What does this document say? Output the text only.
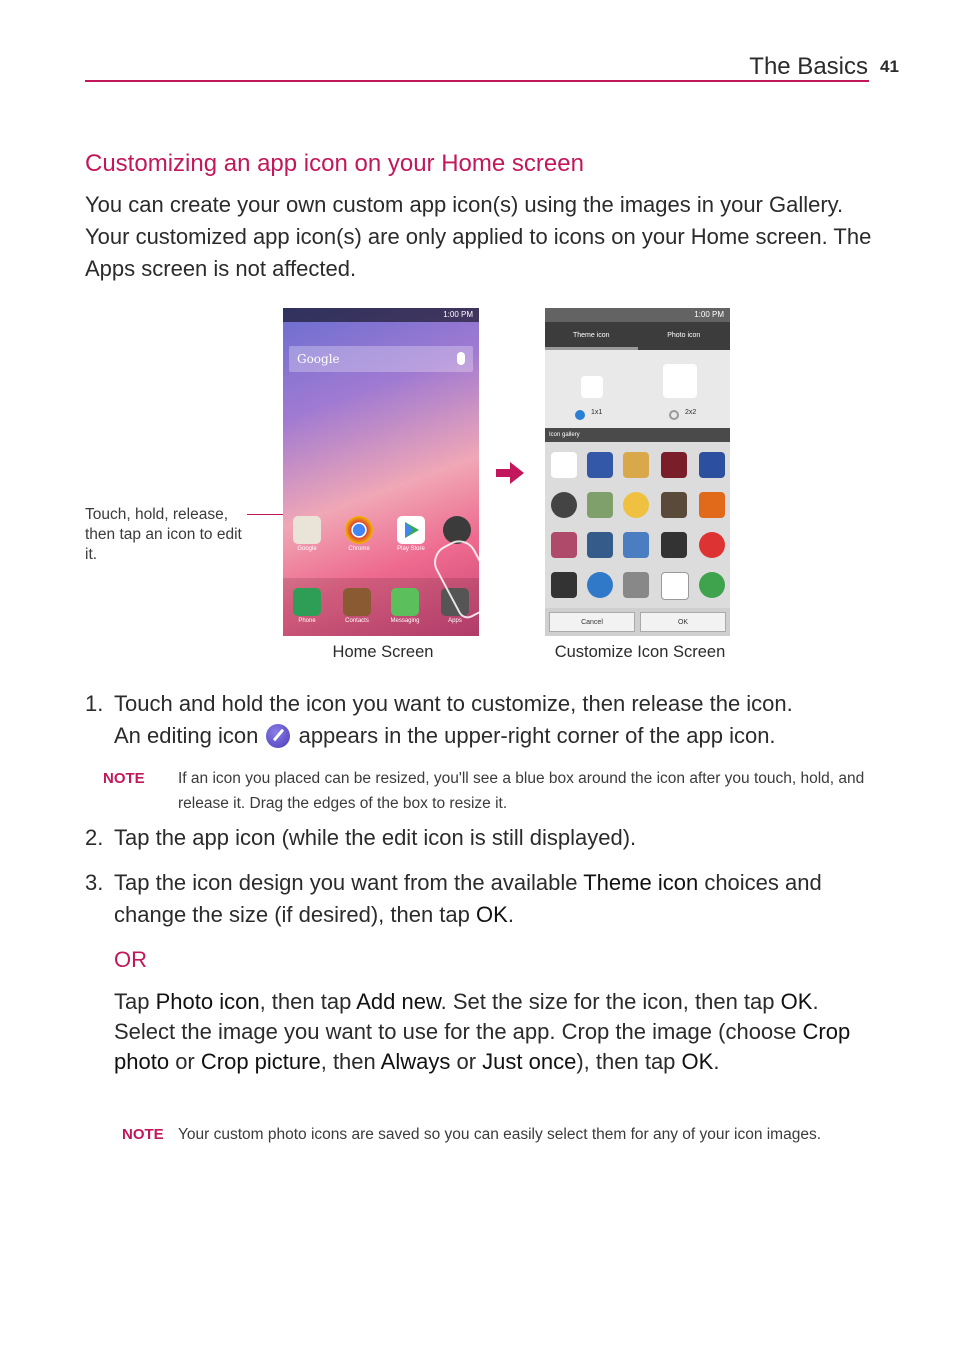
The Basics 41
Customizing an app icon on your Home screen
You can create your own custom app icon(s) using the images in your Gallery. Your customized app icon(s) are only applied to icons on your Home screen. The Apps screen is not affected.
Touch, hold, release, then tap an icon to edit it.
1:00 PM
Google
Google	Chrome	Play Store
Phone	Contacts	Messaging	Apps
1:00 PM
Theme icon	Photo icon
1x1	2x2
Icon gallery
Cancel	OK
Home Screen	Customize Icon Screen
1. Touch and hold the icon you want to customize, then release the icon.
An editing icon appears in the upper-right corner of the app icon.
NOTE If an icon you placed can be resized, you'll see a blue box around the icon after you touch, hold, and release it. Drag the edges of the box to resize it.
2. Tap the app icon (while the edit icon is still displayed).
3. Tap the icon design you want from the available Theme icon choices and change the size (if desired), then tap OK.
OR
Tap Photo icon, then tap Add new. Set the size for the icon, then tap OK. Select the image you want to use for the app. Crop the image (choose Crop photo or Crop picture, then Always or Just once), then tap OK.
NOTE Your custom photo icons are saved so you can easily select them for any of your icon images.
